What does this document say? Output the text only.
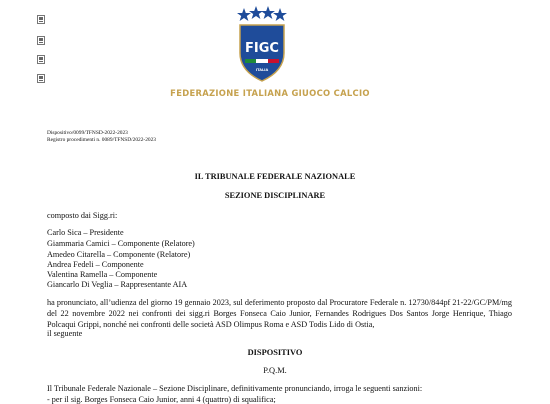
FIGC
ITALIA
FEDERAZIONE ITALIANA GIUOCO CALCIO
Dispositivo/0099/TFNSD-2022-2023
Registro procedimenti n. 0089/TFNSD/2022-2023
IL TRIBUNALE FEDERALE NAZIONALE
SEZIONE DISCIPLINARE
composto dai Sigg.ri:
Carlo Sica – Presidente
Giammaria Camici – Componente (Relatore)
Amedeo Citarella – Componente (Relatore)
Andrea Fedeli – Componente
Valentina Ramella – Componente
Giancarlo Di Veglia – Rappresentante AIA
ha pronunciato, all’udienza del giorno 19 gennaio 2023, sul deferimento proposto dal Procuratore Federale n. 12730/844pf 21-22/GC/PM/mg del 22 novembre 2022 nei confronti dei sigg.ri Borges Fonseca Caio Junior, Fernandes Rodrigues Dos Santos Jorge Henrique, Thiago Polcaqui Grippi, nonché nei confronti delle società ASD Olimpus Roma e ASD Todis Lido di Ostia,
il seguente
DISPOSITIVO
P.Q.M.
Il Tribunale Federale Nazionale – Sezione Disciplinare, definitivamente pronunciando, irroga le seguenti sanzioni:
- per il sig. Borges Fonseca Caio Junior, anni 4 (quattro) di squalifica;
